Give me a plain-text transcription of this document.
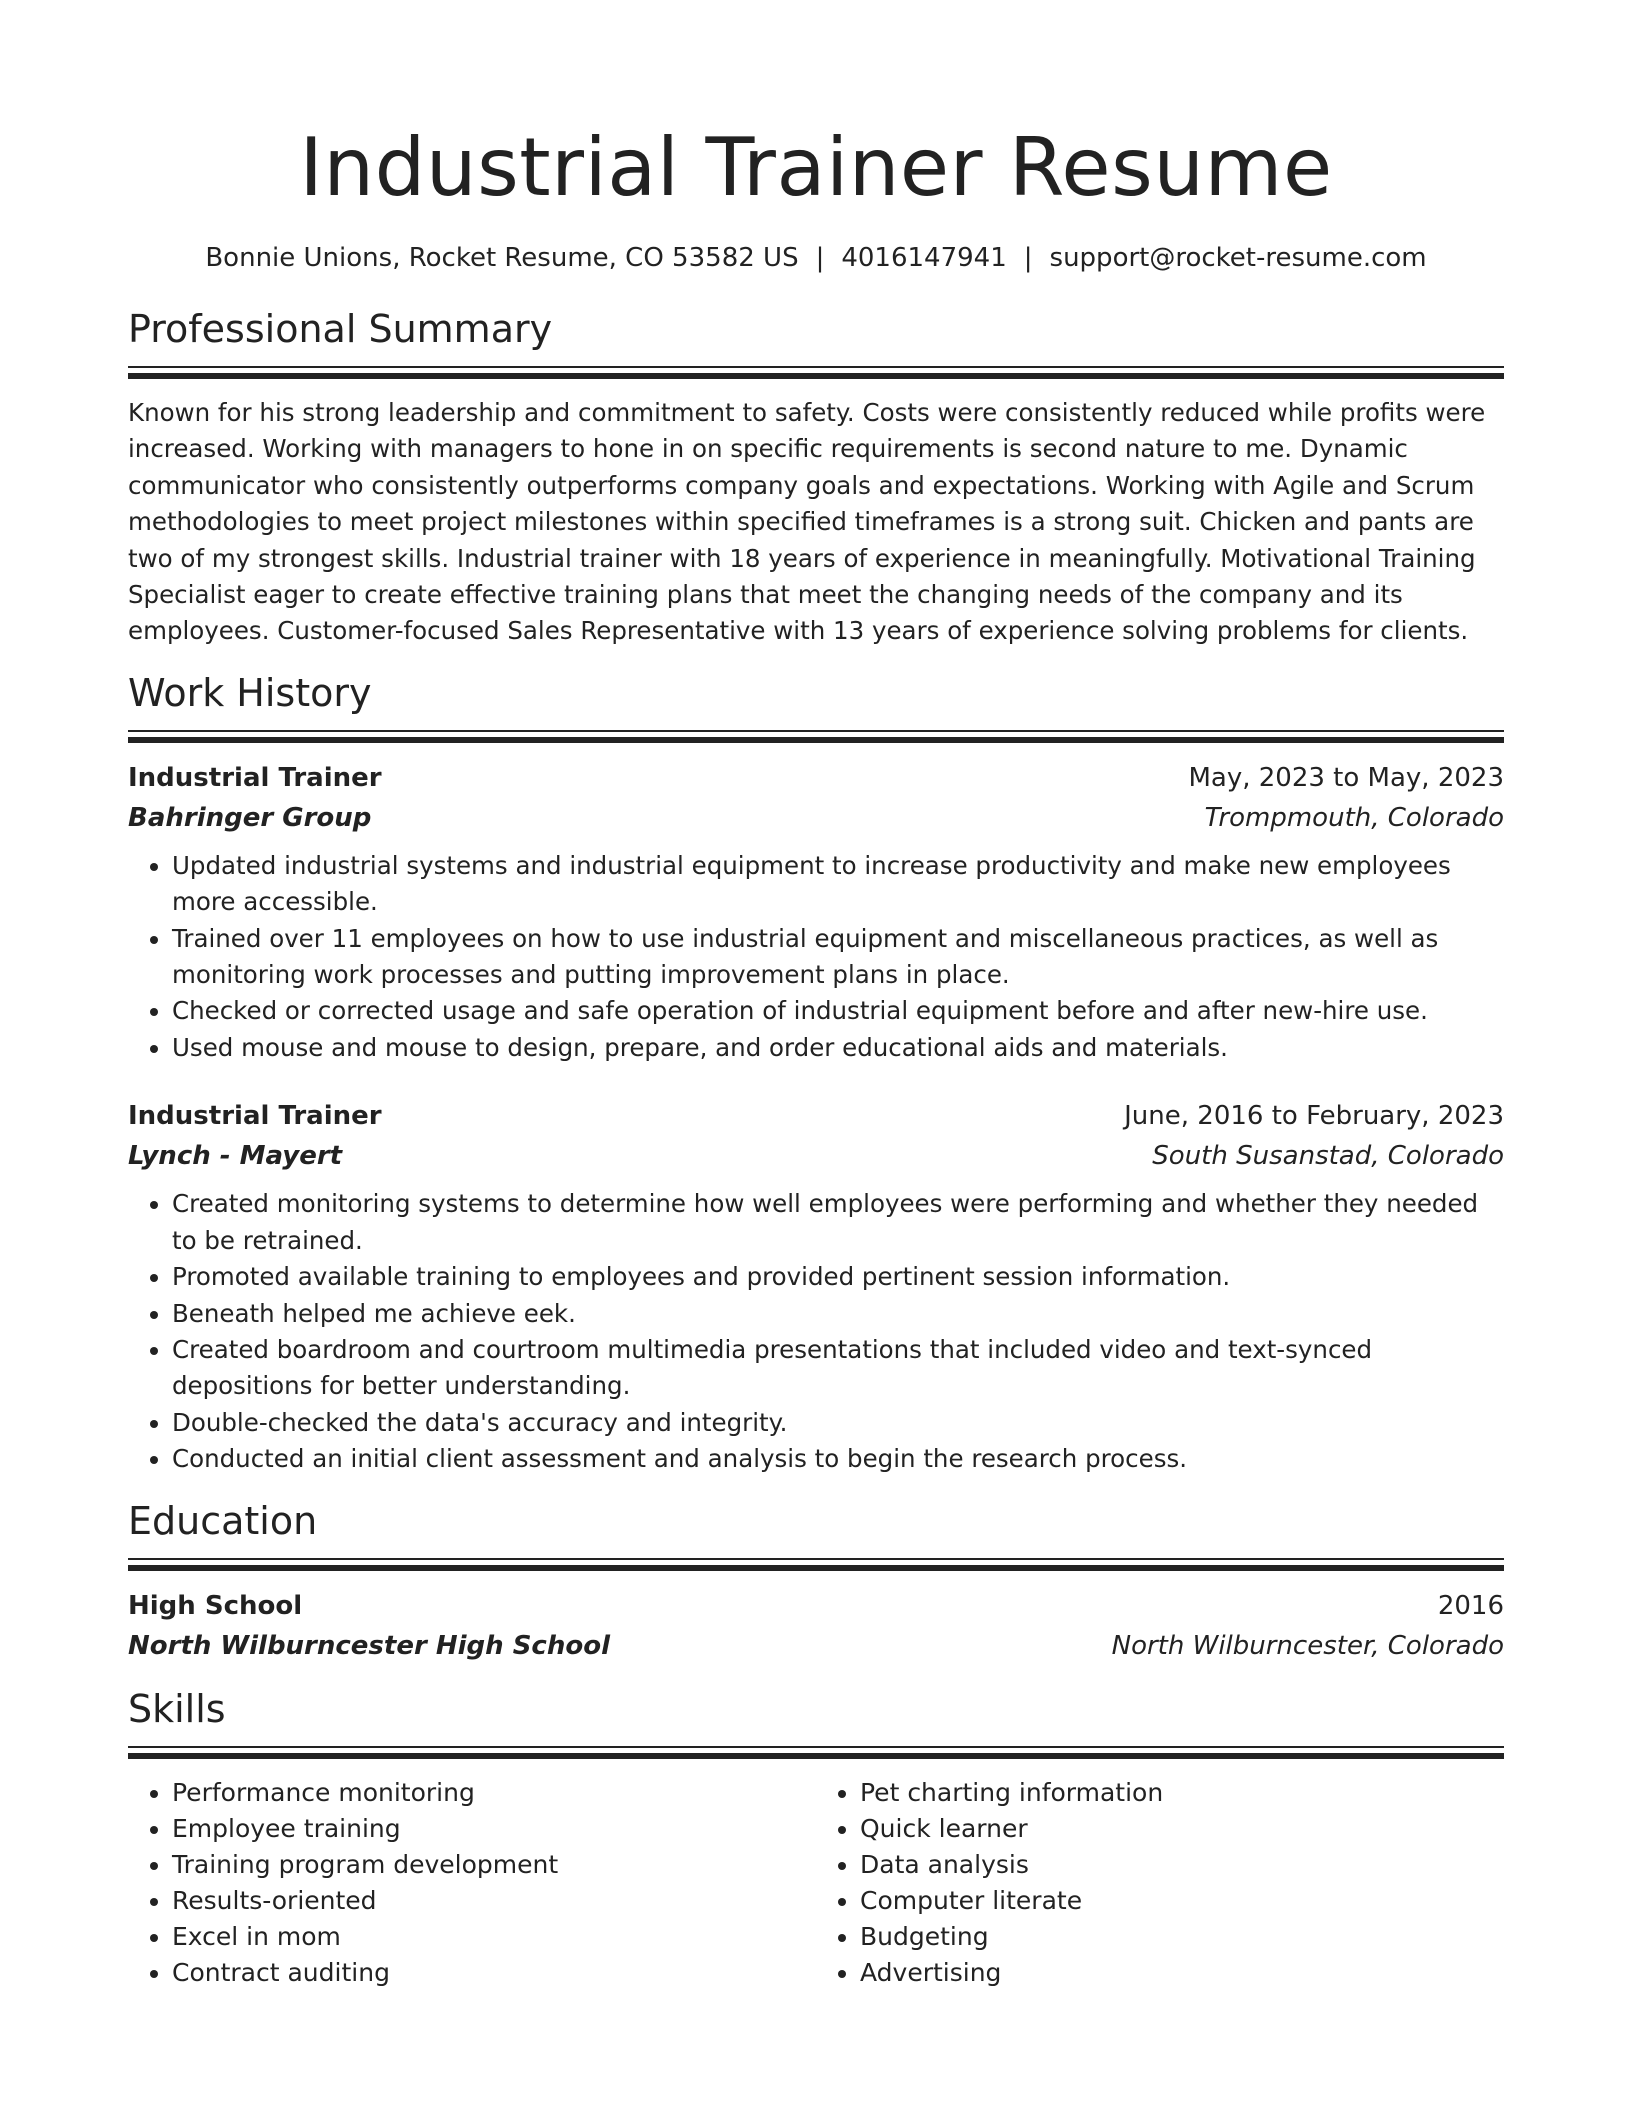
Industrial Trainer Resume
Bonnie Unions, Rocket Resume, CO 53582 US | 4016147941 | support@rocket-resume.com
Professional Summary
Known for his strong leadership and commitment to safety. Costs were consistently reduced while profits were increased. Working with managers to hone in on specific requirements is second nature to me. Dynamic communicator who consistently outperforms company goals and expectations. Working with Agile and Scrum methodologies to meet project milestones within specified timeframes is a strong suit. Chicken and pants are two of my strongest skills. Industrial trainer with 18 years of experience in meaningfully. Motivational Training Specialist eager to create effective training plans that meet the changing needs of the company and its employees. Customer-focused Sales Representative with 13 years of experience solving problems for clients.
Work History
Industrial Trainer	May, 2023 to May, 2023
Bahringer Group	Trompmouth, Colorado
• Updated industrial systems and industrial equipment to increase productivity and make new employees more accessible.
• Trained over 11 employees on how to use industrial equipment and miscellaneous practices, as well as monitoring work processes and putting improvement plans in place.
• Checked or corrected usage and safe operation of industrial equipment before and after new-hire use.
• Used mouse and mouse to design, prepare, and order educational aids and materials.
Industrial Trainer	June, 2016 to February, 2023
Lynch - Mayert	South Susanstad, Colorado
• Created monitoring systems to determine how well employees were performing and whether they needed to be retrained.
• Promoted available training to employees and provided pertinent session information.
• Beneath helped me achieve eek.
• Created boardroom and courtroom multimedia presentations that included video and text-synced depositions for better understanding.
• Double-checked the data's accuracy and integrity.
• Conducted an initial client assessment and analysis to begin the research process.
Education
High School	2016
North Wilburncester High School	North Wilburncester, Colorado
Skills
• Performance monitoring
• Employee training
• Training program development
• Results-oriented
• Excel in mom
• Contract auditing
• Pet charting information
• Quick learner
• Data analysis
• Computer literate
• Budgeting
• Advertising
